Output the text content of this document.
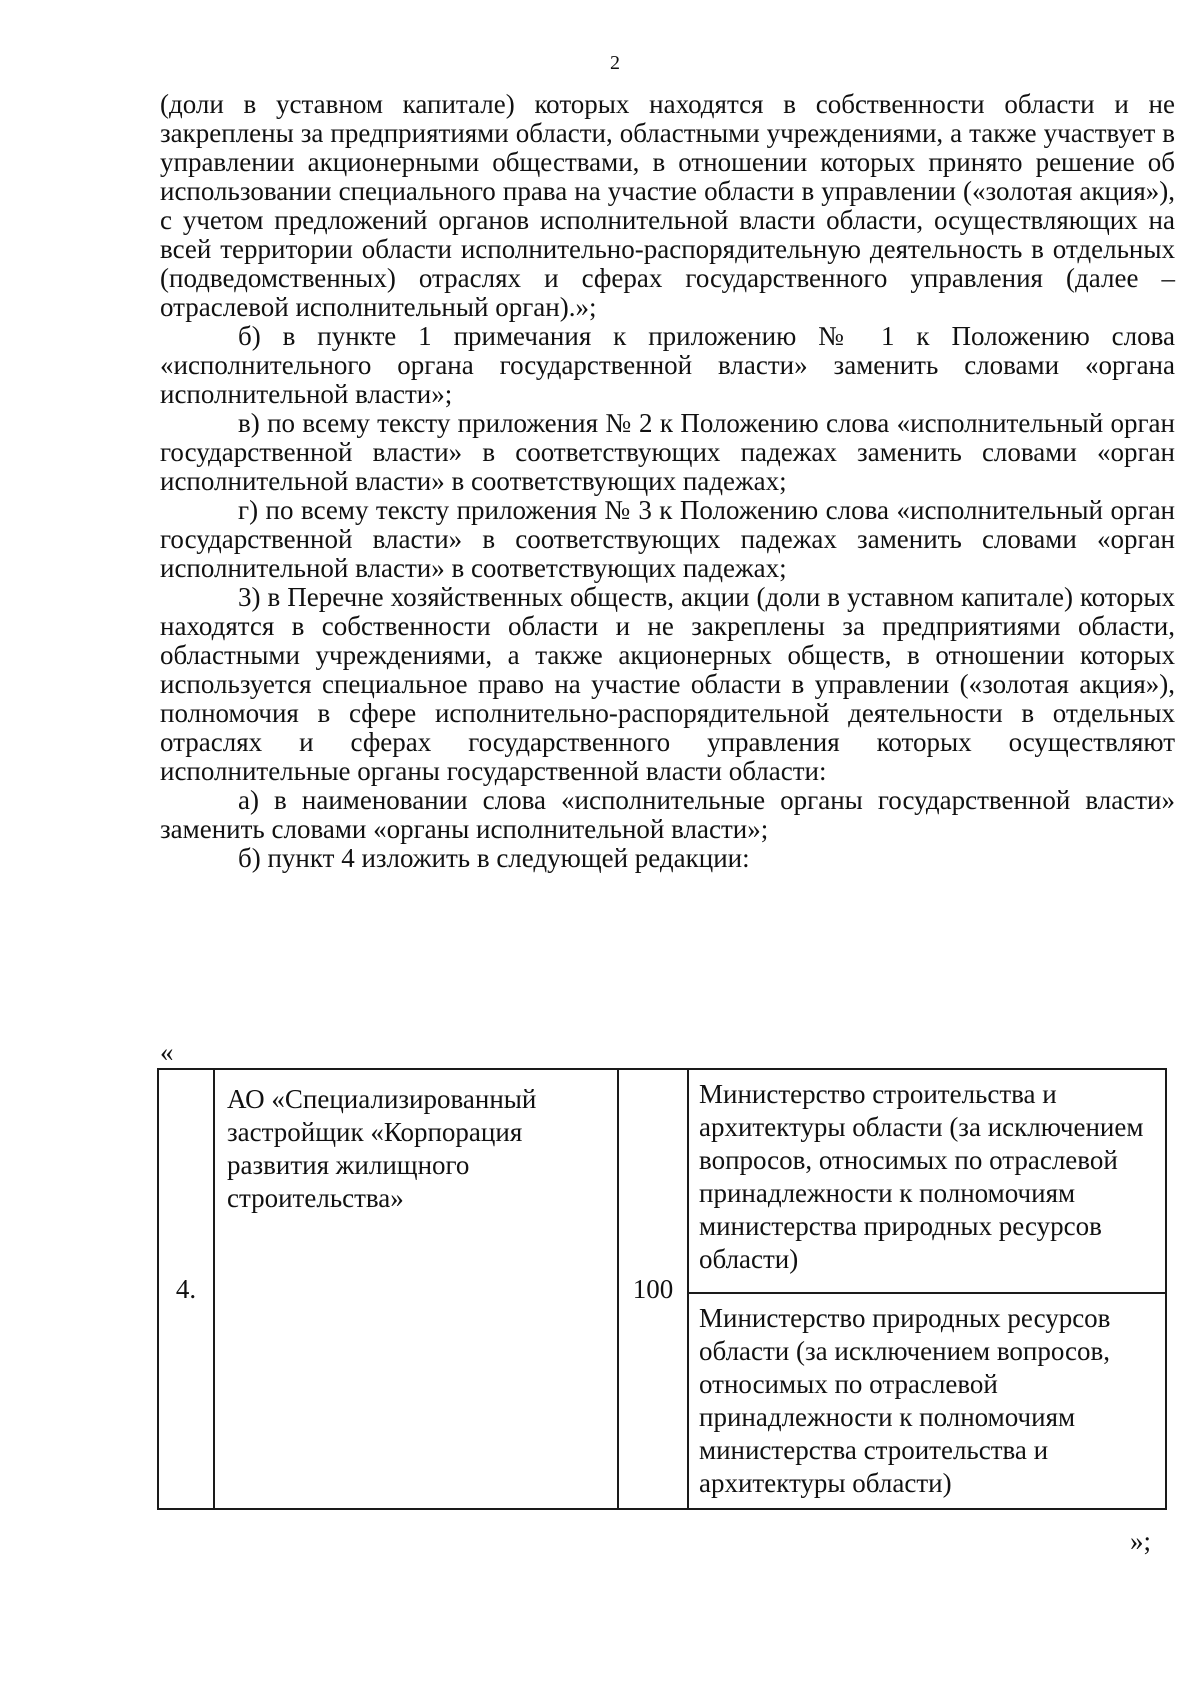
2

(доли в уставном капитале) которых находятся в собственности области и не закреплены за предприятиями области, областными учреждениями, а также участвует в управлении акционерными обществами, в отношении которых принято решение об использовании специального права на участие области в управлении («золотая акция»), с учетом предложений органов исполнительной власти области, осуществляющих на всей территории области исполнительно-распорядительную деятельность в отдельных (подведомственных) отраслях и сферах государственного управления (далее – отраслевой исполнительный орган).»;

б) в пункте 1 примечания к приложению № 1 к Положению слова «исполнительного органа государственной власти» заменить словами «органа исполнительной власти»;

в) по всему тексту приложения № 2 к Положению слова «исполнительный орган государственной власти» в соответствующих падежах заменить словами «орган исполнительной власти» в соответствующих падежах;

г) по всему тексту приложения № 3 к Положению слова «исполнительный орган государственной власти» в соответствующих падежах заменить словами «орган исполнительной власти» в соответствующих падежах;

3) в Перечне хозяйственных обществ, акции (доли в уставном капитале) которых находятся в собственности области и не закреплены за предприятиями области, областными учреждениями, а также акционерных обществ, в отношении которых используется специальное право на участие области в управлении («золотая акция»), полномочия в сфере исполнительно-распорядительной деятельности в отдельных отраслях и сферах государственного управления которых осуществляют исполнительные органы государственной власти области:

а) в наименовании слова «исполнительные органы государственной власти» заменить словами «органы исполнительной власти»;

б) пункт 4 изложить в следующей редакции:

«
4.	АО «Специализированный застройщик «Корпорация развития жилищного строительства»	100	Министерство строительства и архитектуры области (за исключением вопросов, относимых по отраслевой принадлежности к полномочиям министерства природных ресурсов области)
Министерство природных ресурсов области (за исключением вопросов, относимых по отраслевой принадлежности к полномочиям министерства строительства и архитектуры области)
»;
